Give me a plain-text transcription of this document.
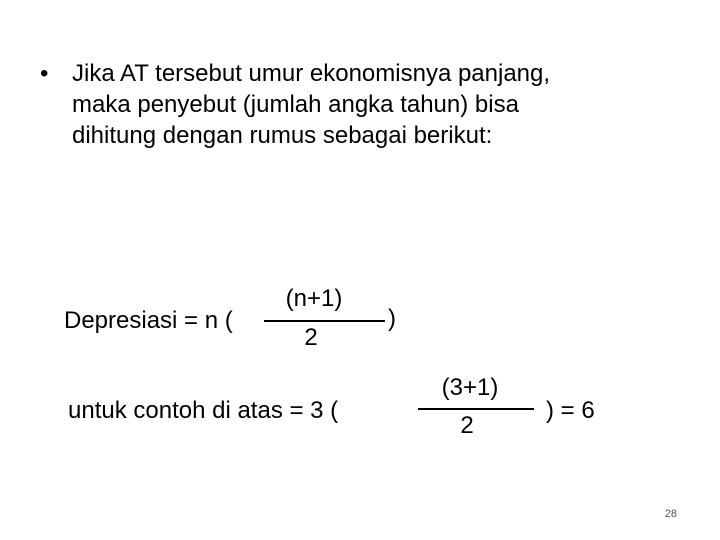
• Jika AT tersebut umur ekonomisnya panjang,
maka penyebut (jumlah angka tahun) bisa
dihitung dengan rumus sebagai berikut:
Depresiasi = n (
(n+1)
2
)
untuk contoh di atas = 3 (
(3+1)
2
) = 6
28
